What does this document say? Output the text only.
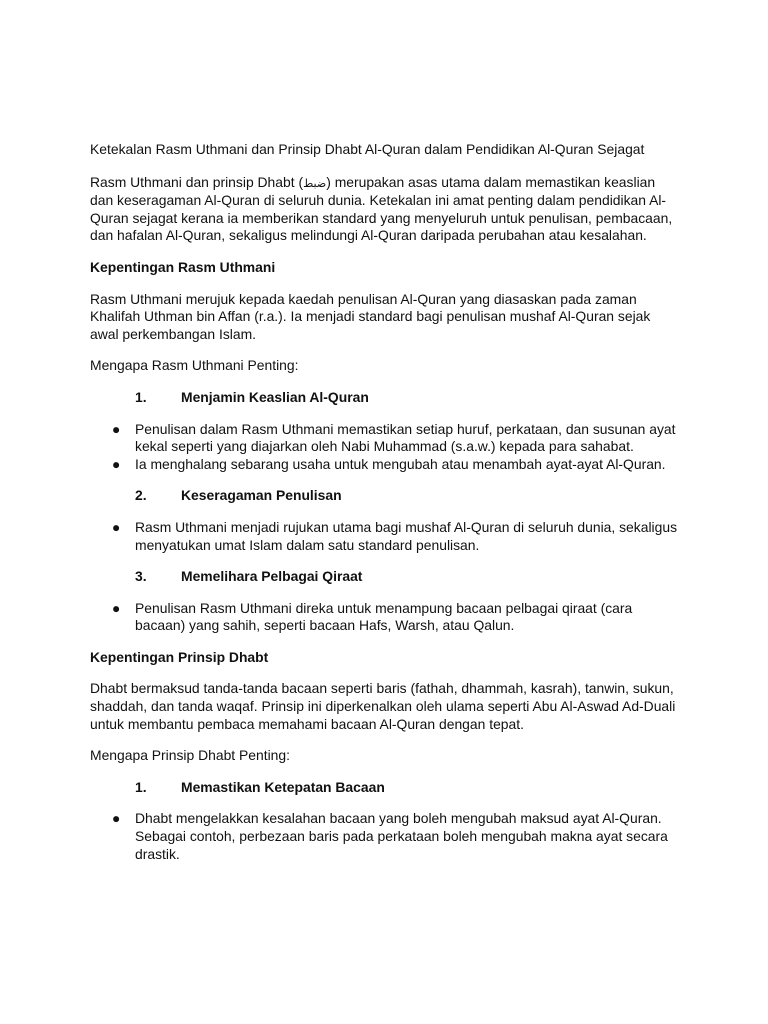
Ketekalan Rasm Uthmani dan Prinsip Dhabt Al-Quran dalam Pendidikan Al-Quran Sejagat

Rasm Uthmani dan prinsip Dhabt (ضبط) merupakan asas utama dalam memastikan keaslian dan keseragaman Al-Quran di seluruh dunia. Ketekalan ini amat penting dalam pendidikan Al-Quran sejagat kerana ia memberikan standard yang menyeluruh untuk penulisan, pembacaan, dan hafalan Al-Quran, sekaligus melindungi Al-Quran daripada perubahan atau kesalahan.

Kepentingan Rasm Uthmani

Rasm Uthmani merujuk kepada kaedah penulisan Al-Quran yang diasaskan pada zaman Khalifah Uthman bin Affan (r.a.). Ia menjadi standard bagi penulisan mushaf Al-Quran sejak awal perkembangan Islam.

Mengapa Rasm Uthmani Penting:

1.	Menjamin Keaslian Al-Quran

● Penulisan dalam Rasm Uthmani memastikan setiap huruf, perkataan, dan susunan ayat kekal seperti yang diajarkan oleh Nabi Muhammad (s.a.w.) kepada para sahabat.
● Ia menghalang sebarang usaha untuk mengubah atau menambah ayat-ayat Al-Quran.

2.	Keseragaman Penulisan

● Rasm Uthmani menjadi rujukan utama bagi mushaf Al-Quran di seluruh dunia, sekaligus menyatukan umat Islam dalam satu standard penulisan.

3.	Memelihara Pelbagai Qiraat

● Penulisan Rasm Uthmani direka untuk menampung bacaan pelbagai qiraat (cara bacaan) yang sahih, seperti bacaan Hafs, Warsh, atau Qalun.

Kepentingan Prinsip Dhabt

Dhabt bermaksud tanda-tanda bacaan seperti baris (fathah, dhammah, kasrah), tanwin, sukun, shaddah, dan tanda waqaf. Prinsip ini diperkenalkan oleh ulama seperti Abu Al-Aswad Ad-Duali untuk membantu pembaca memahami bacaan Al-Quran dengan tepat.

Mengapa Prinsip Dhabt Penting:

1.	Memastikan Ketepatan Bacaan

● Dhabt mengelakkan kesalahan bacaan yang boleh mengubah maksud ayat Al-Quran. Sebagai contoh, perbezaan baris pada perkataan boleh mengubah makna ayat secara drastik.
